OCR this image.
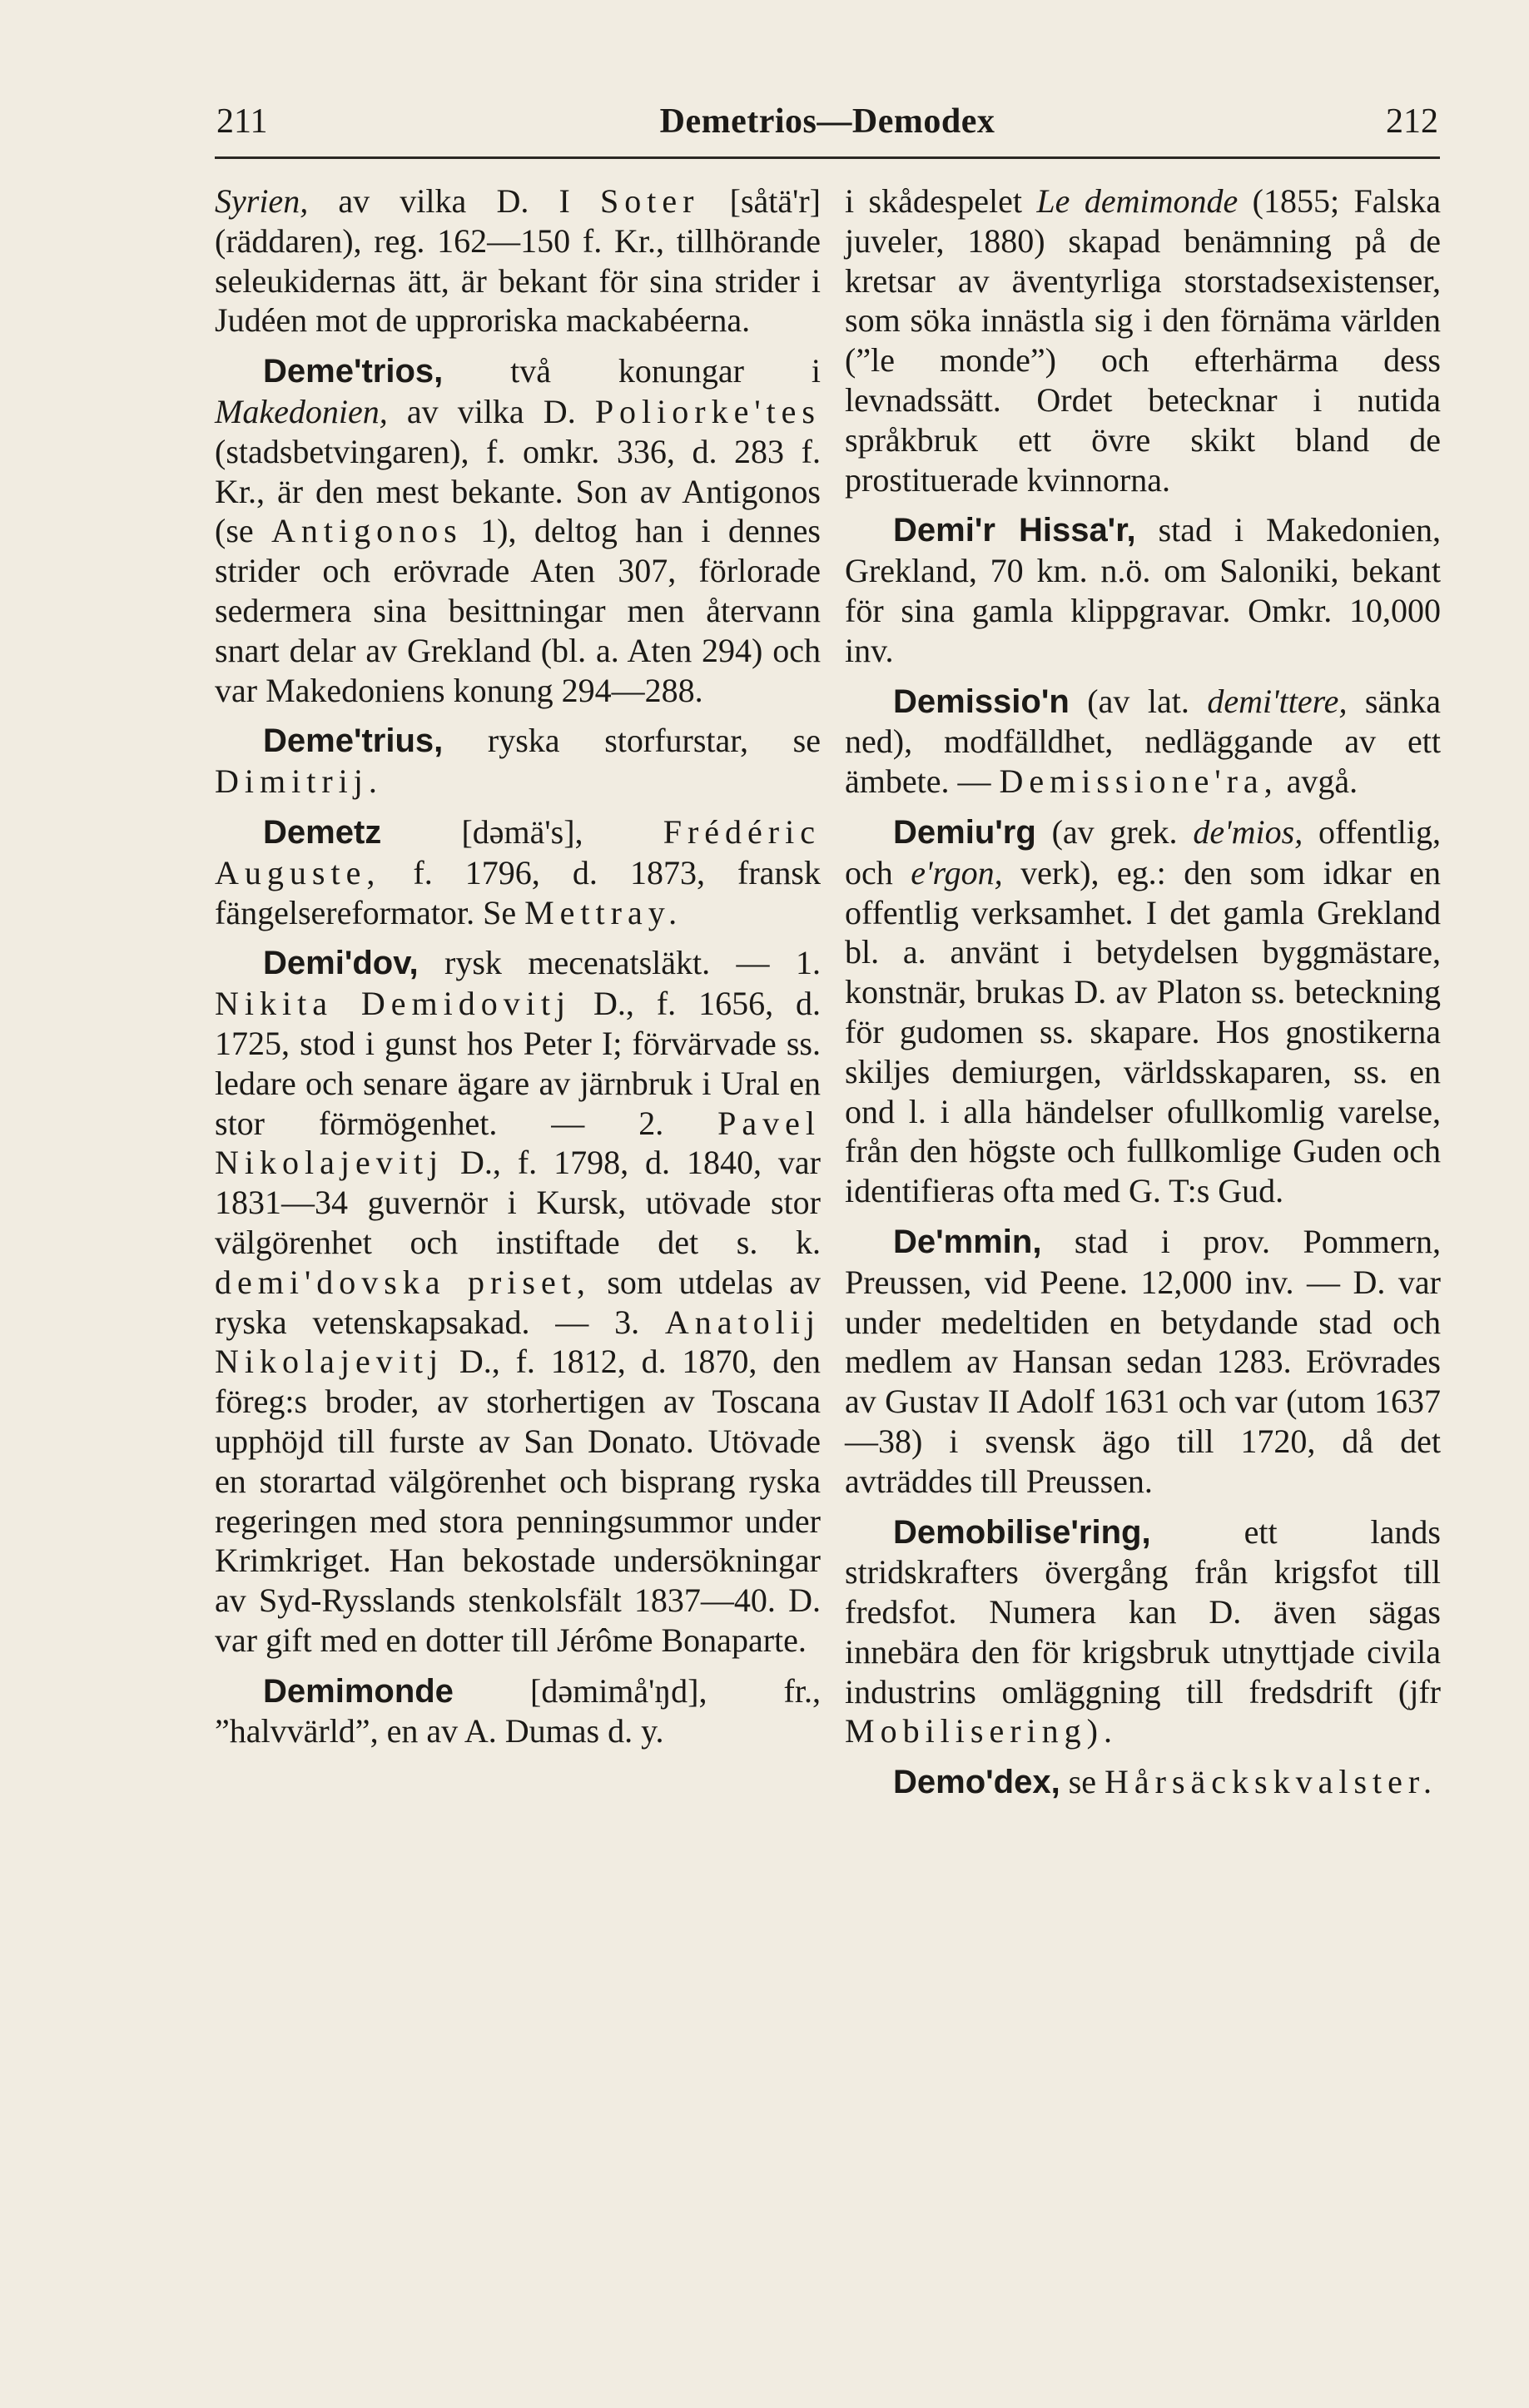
211	Demetrios—Demodex	212

Syrien, av vilka D. I Soter [såtä'r] (räddaren), reg. 162—150 f. Kr., tillhörande seleukidernas ätt, är bekant för sina strider i Judéen mot de upproriska mackabéerna.

Deme'trios, två konungar i Makedonien, av vilka D. Poliorke'tes (stadsbetvingaren), f. omkr. 336, d. 283 f. Kr., är den mest bekante. Son av Antigonos (se Antigonos 1), deltog han i dennes strider och erövrade Aten 307, förlorade sedermera sina besittningar men återvann snart delar av Grekland (bl. a. Aten 294) och var Makedoniens konung 294—288.

Deme'trius, ryska storfurstar, se Dimitrij.

Demetz [dəmä's], Frédéric Auguste, f. 1796, d. 1873, fransk fängelsereformator. Se Mettray.

Demi'dov, rysk mecenatsläkt. — 1. Nikita Demidovitj D., f. 1656, d. 1725, stod i gunst hos Peter I; förvärvade ss. ledare och senare ägare av järnbruk i Ural en stor förmögenhet. — 2. Pavel Nikolajevitj D., f. 1798, d. 1840, var 1831—34 guvernör i Kursk, utövade stor välgörenhet och instiftade det s. k. demi'dovska priset, som utdelas av ryska vetenskapsakad. — 3. Anatolij Nikolajevitj D., f. 1812, d. 1870, den föreg:s broder, av storhertigen av Toscana upphöjd till furste av San Donato. Utövade en storartad välgörenhet och bisprang ryska regeringen med stora penningsummor under Krimkriget. Han bekostade undersökningar av Syd-Rysslands stenkolsfält 1837—40. D. var gift med en dotter till Jérôme Bonaparte.

Demimonde [dəmimå'ŋd], fr., ”halvvärld”, en av A. Dumas d. y.

i skådespelet Le demimonde (1855; Falska juveler, 1880) skapad benämning på de kretsar av äventyrliga storstadsexistenser, som söka innästla sig i den förnäma världen (”le monde”) och efterhärma dess levnadssätt. Ordet betecknar i nutida språkbruk ett övre skikt bland de prostituerade kvinnorna.

Demi'r Hissa'r, stad i Makedonien, Grekland, 70 km. n.ö. om Saloniki, bekant för sina gamla klippgravar. Omkr. 10,000 inv.

Demissio'n (av lat. demi'ttere, sänka ned), modfälldhet, nedläggande av ett ämbete. — Demissione'ra, avgå.

Demiu'rg (av grek. de'mios, offentlig, och e'rgon, verk), eg.: den som idkar en offentlig verksamhet. I det gamla Grekland bl. a. använt i betydelsen byggmästare, konstnär, brukas D. av Platon ss. beteckning för gudomen ss. skapare. Hos gnostikerna skiljes demiurgen, världsskaparen, ss. en ond l. i alla händelser ofullkomlig varelse, från den högste och fullkomlige Guden och identifieras ofta med G. T:s Gud.

De'mmin, stad i prov. Pommern, Preussen, vid Peene. 12,000 inv. — D. var under medeltiden en betydande stad och medlem av Hansan sedan 1283. Erövrades av Gustav II Adolf 1631 och var (utom 1637—38) i svensk ägo till 1720, då det avträddes till Preussen.

Demobilise'ring, ett lands stridskrafters övergång från krigsfot till fredsfot. Numera kan D. även sägas innebära den för krigsbruk utnyttjade civila industrins omläggning till fredsdrift (jfr Mobilisering).

Demo'dex, se Hårsäckskvalster.
